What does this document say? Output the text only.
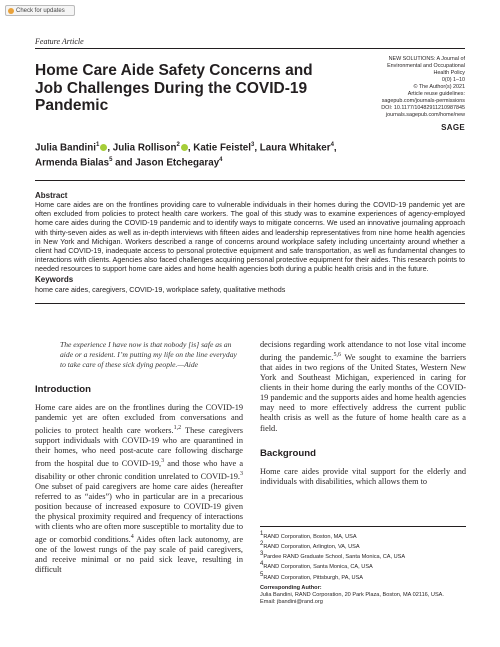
Check for updates
Feature Article
NEW SOLUTIONS: A Journal of
Environmental and Occupational
Health Policy
0(0) 1–10
© The Author(s) 2021
Article reuse guidelines:
sagepub.com/journals-permissions
DOI: 10.1177/10482911210987845
journals.sagepub.com/home/new
SAGE
Home Care Aide Safety Concerns and Job Challenges During the COVID-19 Pandemic
Julia Bandini$^1$ , Julia Rollison$^2$ , Katie Feistel$^3$, Laura Whitaker$^4$,
Armenda Bialas$^5$ and Jason Etchegaray$^4$
Abstract

Home care aides are on the frontlines providing care to vulnerable individuals in their homes during the COVID-19 pandemic yet are often excluded from policies to protect health care workers. The goal of this study was to examine experiences of agency-employed home care aides during the COVID-19 pandemic and to identify ways to mitigate concerns. We used an innovative journaling approach with thirty-seven aides as well as in-depth interviews with fifteen aides and leadership representatives from nine home health agencies in New York and Michigan. Workers described a range of concerns around workplace safety including uncertainty around whether a client had COVID-19, inadequate access to personal protective equipment and safe transportation, as well as fundamental changes to interactions with clients. Agencies also faced challenges acquiring personal protective equipment for their aides. This research points to needed resources to support home care aides and home health agencies both during a public health crisis and in the future.

Keywords
home care aides, caregivers, COVID-19, workplace safety, qualitative methods

The experience I have now is that nobody [is] safe as an aide or a resident. I’m putting my life on the line everyday to take care of these sick dying people.—Aide

Introduction

Home care aides are on the frontlines during the COVID-19 pandemic yet are often excluded from conversations and policies to protect health care workers.$^{1,2}$ These caregivers support individuals with COVID-19 who are quarantined in their homes, who need post-acute care following discharge from the hospital due to COVID-19,$^3$ and those who have a disability or other chronic condition unrelated to COVID-19.$^3$ One subset of paid caregivers are home care aides (hereafter referred to as “aides”) who in particular are in a precarious position because of increased exposure to COVID-19 given the physical proximity required and frequency of interactions with clients who are often more susceptible to mortality due to age or comorbid conditions.$^4$ Aides often lack autonomy, are one of the lowest rungs of the pay scale of paid caregivers, and receive minimal or no paid sick leave, resulting in difficult

decisions regarding work attendance to not lose vital income during the pandemic.$^{5,6}$ We sought to examine the barriers that aides in two regions of the United States, Western New York and Southeast Michigan, experienced in caring for clients in their home during the early months of the COVID-19 pandemic and the supports aides and home health agencies may need to more effectively address the current public health crisis as well as the future of home health care as a field.

Background

Home care aides provide vital support for the elderly and individuals with disabilities, which allows them to

$^1$RAND Corporation, Boston, MA, USA
$^2$RAND Corporation, Arlington, VA, USA
$^3$Pardee RAND Graduate School, Santa Monica, CA, USA
$^4$RAND Corporation, Santa Monica, CA, USA
$^5$RAND Corporation, Pittsburgh, PA, USA
Corresponding Author:
Julia Bandini, RAND Corporation, 20 Park Plaza, Boston, MA 02116, USA.
Email: jbandini@rand.org
